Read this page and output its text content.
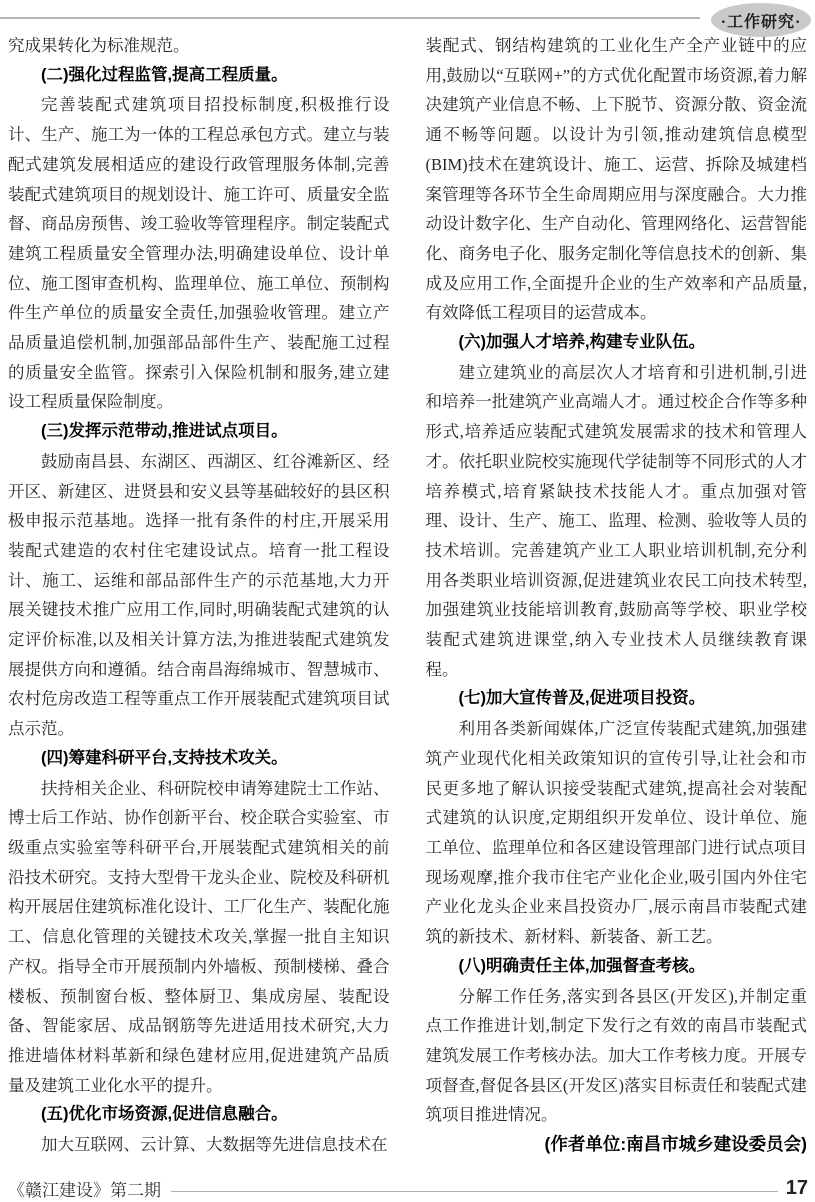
·工作研究·

究成果转化为标准规范。

(二)强化过程监管,提高工程质量。

完善装配式建筑项目招投标制度,积极推行设计、生产、施工为一体的工程总承包方式。建立与装配式建筑发展相适应的建设行政管理服务体制,完善装配式建筑项目的规划设计、施工许可、质量安全监督、商品房预售、竣工验收等管理程序。制定装配式建筑工程质量安全管理办法,明确建设单位、设计单位、施工图审查机构、监理单位、施工单位、预制构件生产单位的质量安全责任,加强验收管理。建立产品质量追偿机制,加强部品部件生产、装配施工过程的质量安全监管。探索引入保险机制和服务,建立建设工程质量保险制度。

(三)发挥示范带动,推进试点项目。

鼓励南昌县、东湖区、西湖区、红谷滩新区、经开区、新建区、进贤县和安义县等基础较好的县区积极申报示范基地。选择一批有条件的村庄,开展采用装配式建造的农村住宅建设试点。培育一批工程设计、施工、运维和部品部件生产的示范基地,大力开展关键技术推广应用工作,同时,明确装配式建筑的认定评价标准,以及相关计算方法,为推进装配式建筑发展提供方向和遵循。结合南昌海绵城市、智慧城市、农村危房改造工程等重点工作开展装配式建筑项目试点示范。

(四)筹建科研平台,支持技术攻关。

扶持相关企业、科研院校申请筹建院士工作站、博士后工作站、协作创新平台、校企联合实验室、市级重点实验室等科研平台,开展装配式建筑相关的前沿技术研究。支持大型骨干龙头企业、院校及科研机构开展居住建筑标准化设计、工厂化生产、装配化施工、信息化管理的关键技术攻关,掌握一批自主知识产权。指导全市开展预制内外墙板、预制楼梯、叠合楼板、预制窗台板、整体厨卫、集成房屋、装配设备、智能家居、成品钢筋等先进适用技术研究,大力推进墙体材料革新和绿色建材应用,促进建筑产品质量及建筑工业化水平的提升。

(五)优化市场资源,促进信息融合。

加大互联网、云计算、大数据等先进信息技术在

装配式、钢结构建筑的工业化生产全产业链中的应用,鼓励以“互联网+”的方式优化配置市场资源,着力解决建筑产业信息不畅、上下脱节、资源分散、资金流通不畅等问题。以设计为引领,推动建筑信息模型(BIM)技术在建筑设计、施工、运营、拆除及城建档案管理等各环节全生命周期应用与深度融合。大力推动设计数字化、生产自动化、管理网络化、运营智能化、商务电子化、服务定制化等信息技术的创新、集成及应用工作,全面提升企业的生产效率和产品质量,有效降低工程项目的运营成本。

(六)加强人才培养,构建专业队伍。

建立建筑业的高层次人才培育和引进机制,引进和培养一批建筑产业高端人才。通过校企合作等多种形式,培养适应装配式建筑发展需求的技术和管理人才。依托职业院校实施现代学徒制等不同形式的人才培养模式,培育紧缺技术技能人才。重点加强对管理、设计、生产、施工、监理、检测、验收等人员的技术培训。完善建筑产业工人职业培训机制,充分利用各类职业培训资源,促进建筑业农民工向技术转型,加强建筑业技能培训教育,鼓励高等学校、职业学校装配式建筑进课堂,纳入专业技术人员继续教育课程。

(七)加大宣传普及,促进项目投资。

利用各类新闻媒体,广泛宣传装配式建筑,加强建筑产业现代化相关政策知识的宣传引导,让社会和市民更多地了解认识接受装配式建筑,提高社会对装配式建筑的认识度,定期组织开发单位、设计单位、施工单位、监理单位和各区建设管理部门进行试点项目现场观摩,推介我市住宅产业化企业,吸引国内外住宅产业化龙头企业来昌投资办厂,展示南昌市装配式建筑的新技术、新材料、新装备、新工艺。

(八)明确责任主体,加强督查考核。

分解工作任务,落实到各县区(开发区),并制定重点工作推进计划,制定下发行之有效的南昌市装配式建筑发展工作考核办法。加大工作考核力度。开展专项督查,督促各县区(开发区)落实目标责任和装配式建筑项目推进情况。

(作者单位:南昌市城乡建设委员会)

《赣江建设》第二期	17
